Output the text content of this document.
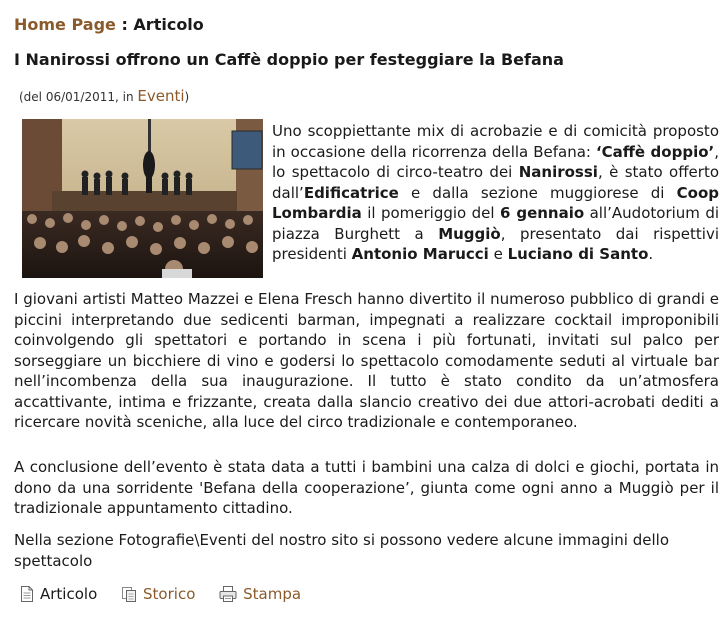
Home Page : Articolo
I Nanirossi offrono un Caffè doppio per festeggiare la Befana
(del 06/01/2011, in Eventi)

Uno scoppiettante mix di acrobazie e di comicità proposto in occasione della ricorrenza della Befana: ‘Caffè doppio’, lo spettacolo di circo-teatro dei Nanirossi, è stato offerto dall’Edificatrice e dalla sezione muggiorese di Coop Lombardia il pomeriggio del 6 gennaio all’Audotorium di piazza Burghett a Muggiò, presentato dai rispettivi presidenti Antonio Marucci e Luciano di Santo.

I giovani artisti Matteo Mazzei e Elena Fresch hanno divertito il numeroso pubblico di grandi e piccini interpretando due sedicenti barman, impegnati a realizzare cocktail improponibili coinvolgendo gli spettatori e portando in scena i più fortunati, invitati sul palco per sorseggiare un bicchiere di vino e godersi lo spettacolo comodamente seduti al virtuale bar nell’incombenza della sua inaugurazione. Il tutto è stato condito da un’atmosfera accattivante, intima e frizzante, creata dalla slancio creativo dei due attori-acrobati dediti a ricercare novità sceniche, alla luce del circo tradizionale e contemporaneo.

A conclusione dell’evento è stata data a tutti i bambini una calza di dolci e giochi, portata in dono da una sorridente 'Befana della cooperazione’, giunta come ogni anno a Muggiò per il tradizionale appuntamento cittadino.

Nella sezione Fotografie\Eventi del nostro sito si possono vedere alcune immagini dello spettacolo

Articolo	Storico	Stampa
